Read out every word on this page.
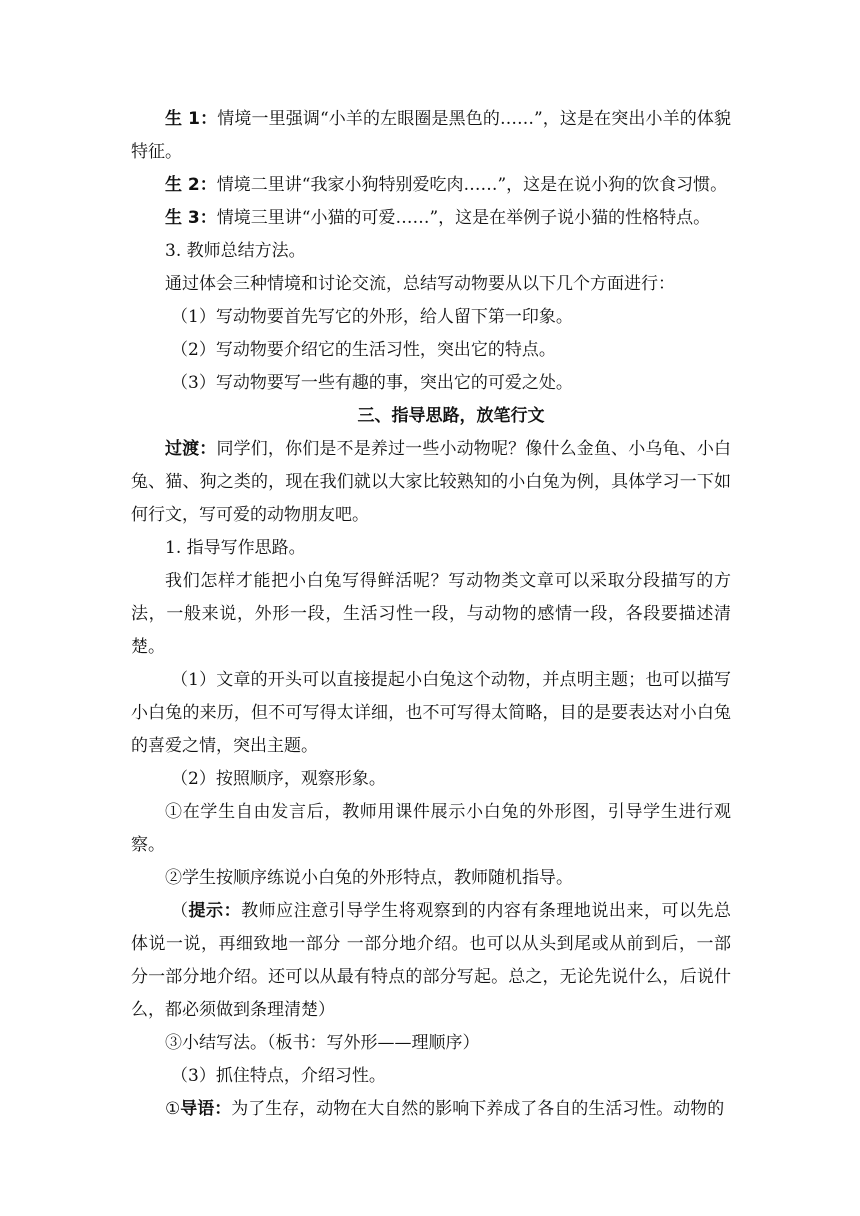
生 1：情境一里强调“小羊的左眼圈是黑色的……”，这是在突出小羊的体貌特征。

生 2：情境二里讲“我家小狗特别爱吃肉……”，这是在说小狗的饮食习惯。

生 3：情境三里讲“小猫的可爱……”，这是在举例子说小猫的性格特点。

3. 教师总结方法。

通过体会三种情境和讨论交流，总结写动物要从以下几个方面进行：

（1）写动物要首先写它的外形，给人留下第一印象。

（2）写动物要介绍它的生活习性，突出它的特点。

（3）写动物要写一些有趣的事，突出它的可爱之处。

三、指导思路，放笔行文

过渡：同学们，你们是不是养过一些小动物呢？像什么金鱼、小乌龟、小白兔、猫、狗之类的，现在我们就以大家比较熟知的小白兔为例，具体学习一下如何行文，写可爱的动物朋友吧。

1. 指导写作思路。

我们怎样才能把小白兔写得鲜活呢？写动物类文章可以采取分段描写的方法，一般来说，外形一段，生活习性一段，与动物的感情一段，各段要描述清楚。

（1）文章的开头可以直接提起小白兔这个动物，并点明主题；也可以描写小白兔的来历，但不可写得太详细，也不可写得太简略，目的是要表达对小白兔的喜爱之情，突出主题。

（2）按照顺序，观察形象。

①在学生自由发言后，教师用课件展示小白兔的外形图，引导学生进行观察。

②学生按顺序练说小白兔的外形特点，教师随机指导。

（提示：教师应注意引导学生将观察到的内容有条理地说出来，可以先总体说一说，再细致地一部分 一部分地介绍。也可以从头到尾或从前到后，一部分一部分地介绍。还可以从最有特点的部分写起。总之，无论先说什么，后说什么，都必须做到条理清楚）

③小结写法。（板书：写外形——理顺序）

（3）抓住特点，介绍习性。

①导语：为了生存，动物在大自然的影响下养成了各自的生活习性。动物的
